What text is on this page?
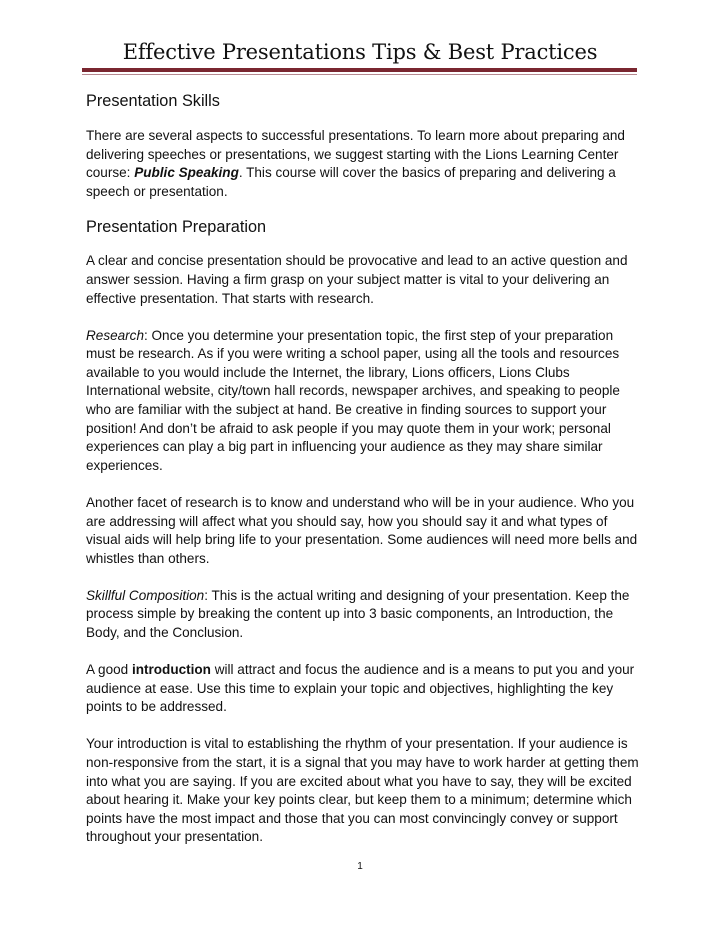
Effective Presentations Tips & Best Practices
Presentation Skills

There are several aspects to successful presentations. To learn more about preparing and delivering speeches or presentations, we suggest starting with the Lions Learning Center course: Public Speaking. This course will cover the basics of preparing and delivering a speech or presentation.

Presentation Preparation

A clear and concise presentation should be provocative and lead to an active question and answer session. Having a firm grasp on your subject matter is vital to your delivering an effective presentation. That starts with research.

Research: Once you determine your presentation topic, the first step of your preparation must be research. As if you were writing a school paper, using all the tools and resources available to you would include the Internet, the library, Lions officers, Lions Clubs International website, city/town hall records, newspaper archives, and speaking to people who are familiar with the subject at hand. Be creative in finding sources to support your position! And don’t be afraid to ask people if you may quote them in your work; personal experiences can play a big part in influencing your audience as they may share similar experiences.

Another facet of research is to know and understand who will be in your audience. Who you are addressing will affect what you should say, how you should say it and what types of visual aids will help bring life to your presentation. Some audiences will need more bells and whistles than others.

Skillful Composition: This is the actual writing and designing of your presentation. Keep the process simple by breaking the content up into 3 basic components, an Introduction, the Body, and the Conclusion.

A good introduction will attract and focus the audience and is a means to put you and your audience at ease. Use this time to explain your topic and objectives, highlighting the key points to be addressed.

Your introduction is vital to establishing the rhythm of your presentation. If your audience is non-responsive from the start, it is a signal that you may have to work harder at getting them into what you are saying. If you are excited about what you have to say, they will be excited about hearing it. Make your key points clear, but keep them to a minimum; determine which points have the most impact and those that you can most convincingly convey or support throughout your presentation.

1
